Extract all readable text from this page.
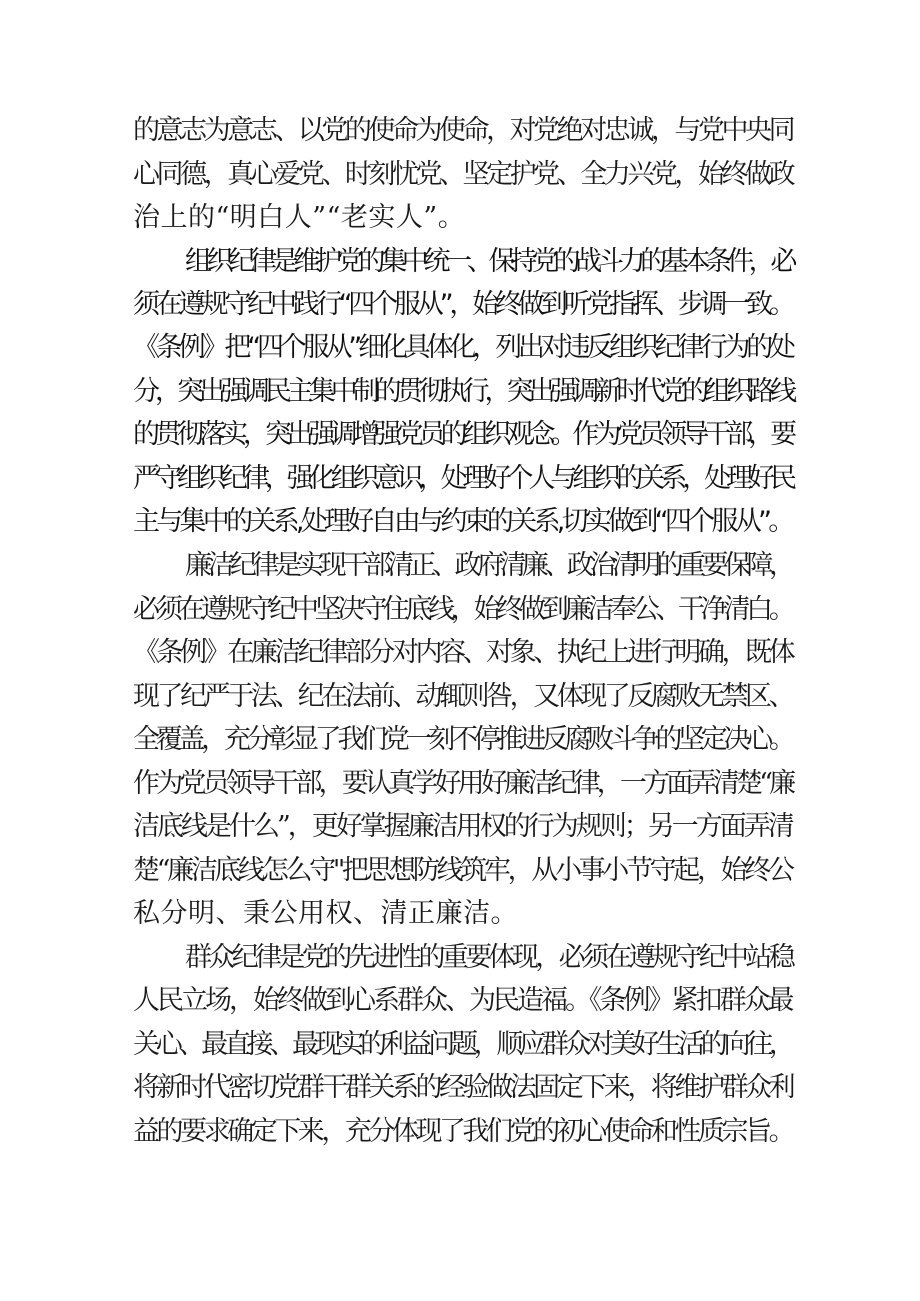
的意志为意志、以党的使命为使命，对党绝对忠诚，与党中央同
心同德，真心爱党、时刻忧党、坚定护党、全力兴党，始终做政
治上的“明白人”“老实人”。
组织纪律是维护党的集中统一、保持党的战斗力的基本条件，必
须在遵规守纪中践行“四个服从”，始终做到听党指挥、步调一致。
《条例》把“四个服从”细化具体化，列出对违反组织纪律行为的处
分，突出强调民主集中制的贯彻执行，突出强调新时代党的组织路线
的贯彻落实，突出强调增强党员的组织观念。作为党员领导干部，要
严守组织纪律，强化组织意识，处理好个人与组织的关系，处理好民
主与集中的关系,处理好自由与约束的关系,切实做到“四个服从”。
廉洁纪律是实现干部清正、政府清廉、政治清明的重要保障，
必须在遵规守纪中坚决守住底线，始终做到廉洁奉公、干净清白。
《条例》在廉洁纪律部分对内容、对象、执纪上进行明确，既体
现了纪严于法、纪在法前、动辄则咎，又体现了反腐败无禁区、
全覆盖，充分彰显了我们党一刻不停推进反腐败斗争的坚定决心。
作为党员领导干部，要认真学好用好廉洁纪律，一方面弄清楚“廉
洁底线是什么”，更好掌握廉洁用权的行为规则；另一方面弄清
楚“廉洁底线怎么守"把思想防线筑牢，从小事小节守起，始终公
私分明、秉公用权、清正廉洁。
群众纪律是党的先进性的重要体现，必须在遵规守纪中站稳
人民立场，始终做到心系群众、为民造福。《条例》紧扣群众最
关心、最直接、最现实的利益问题，顺应群众对美好生活的向往，
将新时代密切党群干群关系的经验做法固定下来，将维护群众利
益的要求确定下来，充分体现了我们党的初心使命和性质宗旨。
